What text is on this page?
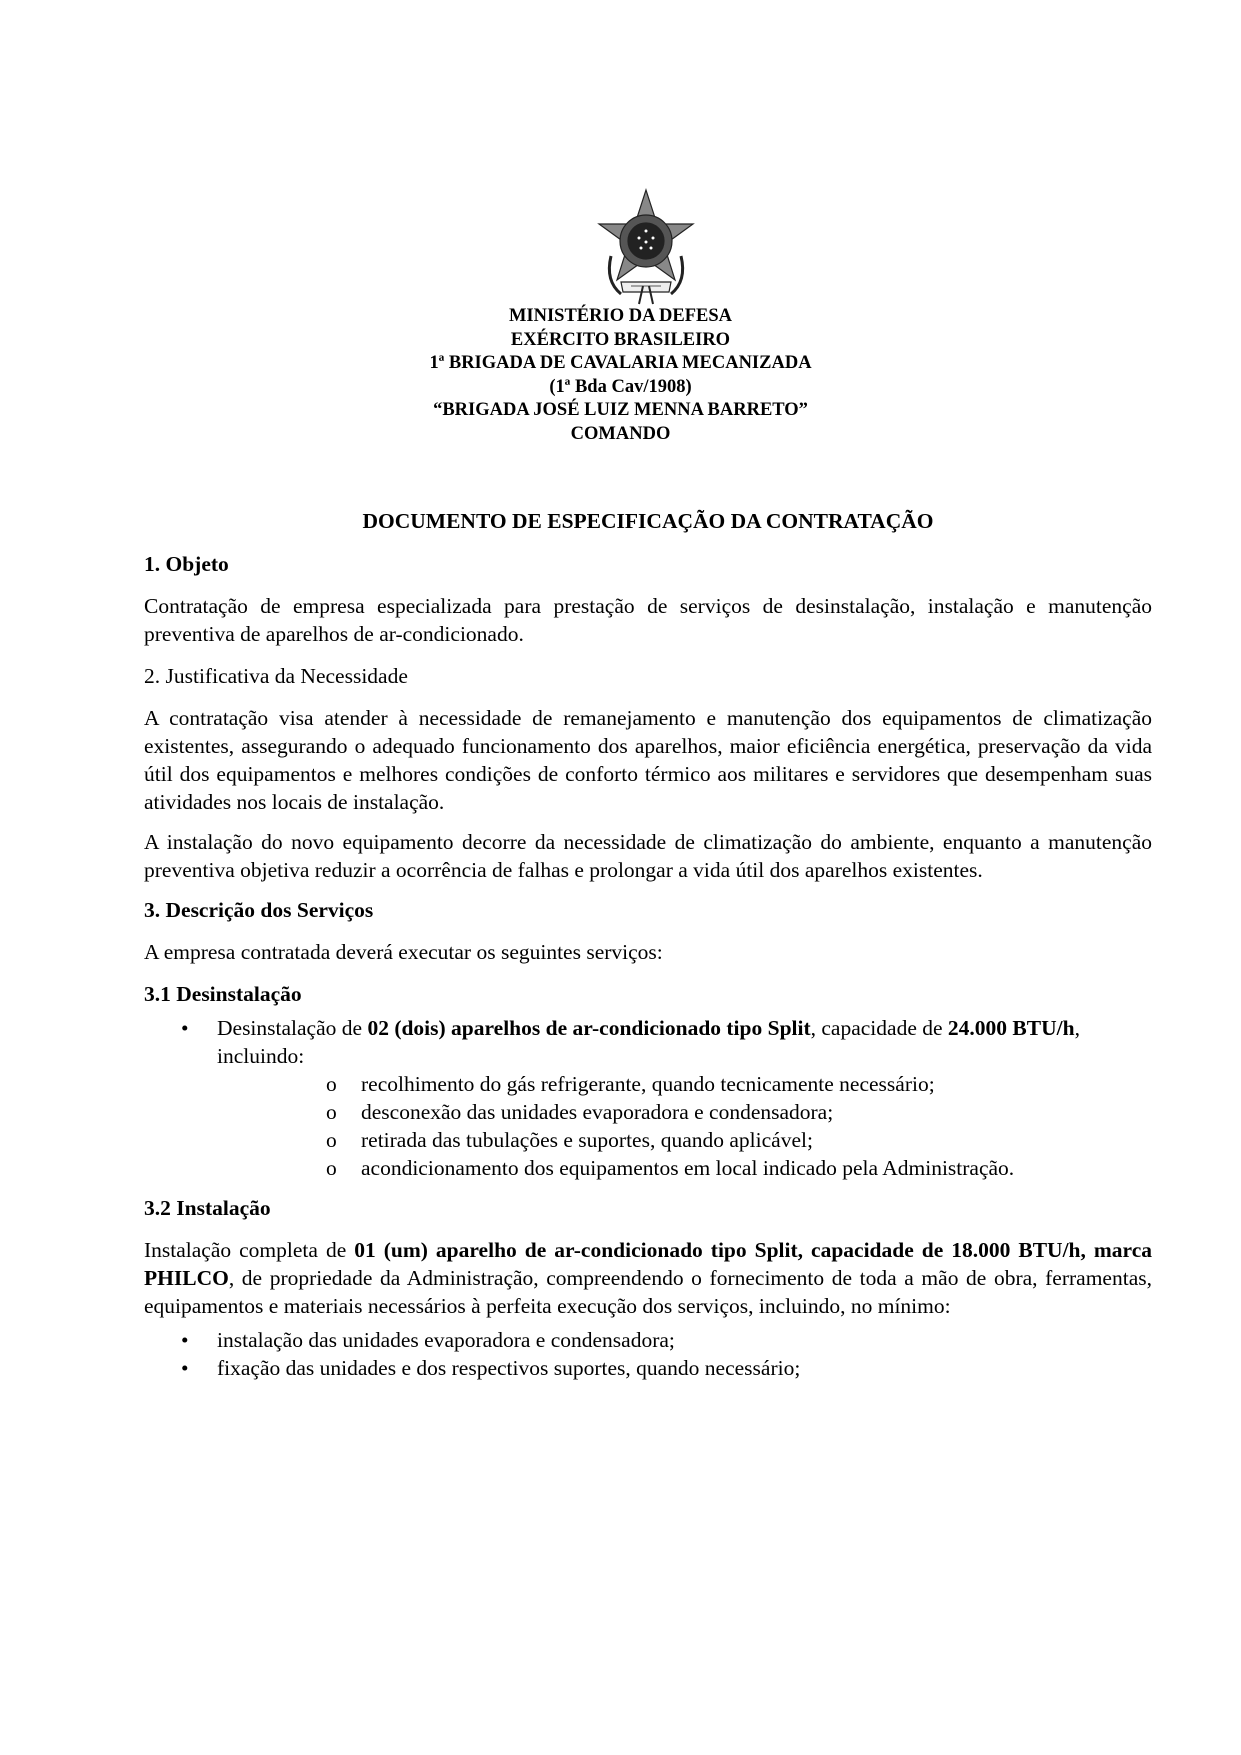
MINISTÉRIO DA DEFESA
EXÉRCITO BRASILEIRO
1ª BRIGADA DE CAVALARIA MECANIZADA
(1ª Bda Cav/1908)
“BRIGADA JOSÉ LUIZ MENNA BARRETO”
COMANDO
DOCUMENTO DE ESPECIFICAÇÃO DA CONTRATAÇÃO

1. Objeto

Contratação de empresa especializada para prestação de serviços de desinstalação, instalação e manutenção preventiva de aparelhos de ar-condicionado.

2. Justificativa da Necessidade

A contratação visa atender à necessidade de remanejamento e manutenção dos equipamentos de climatização existentes, assegurando o adequado funcionamento dos aparelhos, maior eficiência energética, preservação da vida útil dos equipamentos e melhores condições de conforto térmico aos militares e servidores que desempenham suas atividades nos locais de instalação.

A instalação do novo equipamento decorre da necessidade de climatização do ambiente, enquanto a manutenção preventiva objetiva reduzir a ocorrência de falhas e prolongar a vida útil dos aparelhos existentes.

3. Descrição dos Serviços

A empresa contratada deverá executar os seguintes serviços:

3.1 Desinstalação

• Desinstalação de 02 (dois) aparelhos de ar-condicionado tipo Split, capacidade de 24.000 BTU/h, incluindo:
o recolhimento do gás refrigerante, quando tecnicamente necessário;
o desconexão das unidades evaporadora e condensadora;
o retirada das tubulações e suportes, quando aplicável;
o acondicionamento dos equipamentos em local indicado pela Administração.

3.2 Instalação

Instalação completa de 01 (um) aparelho de ar-condicionado tipo Split, capacidade de 18.000 BTU/h, marca PHILCO, de propriedade da Administração, compreendendo o fornecimento de toda a mão de obra, ferramentas, equipamentos e materiais necessários à perfeita execução dos serviços, incluindo, no mínimo:

• instalação das unidades evaporadora e condensadora;
• fixação das unidades e dos respectivos suportes, quando necessário;
